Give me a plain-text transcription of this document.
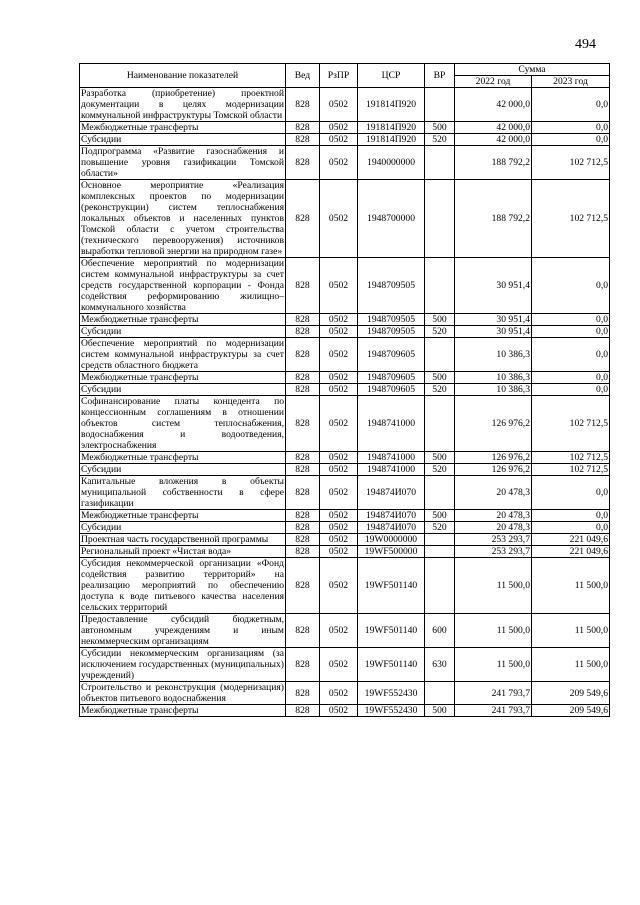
494
Наименование показателей	Вед	РзПР	ЦСР	ВР	Сумма	
					2022 год	2023 год
Разработка (приобретение) проектной документации в целях модернизации коммунальной инфраструктуры Томской области	828	0502	191814П920		42 000,0	0,0
Межбюджетные трансферты	828	0502	191814П920	500	42 000,0	0,0
Субсидии	828	0502	191814П920	520	42 000,0	0,0
Подпрограмма «Развитие газоснабжения и повышение уровня газификации Томской области»	828	0502	1940000000		188 792,2	102 712,5
Основное мероприятие «Реализация комплексных проектов по модернизации (реконструкции) систем теплоснабжения локальных объектов и населенных пунктов Томской области с учетом строительства (технического перевооружения) источников выработки тепловой энергии на природном газе»	828	0502	1948700000		188 792,2	102 712,5
Обеспечение мероприятий по модернизации систем коммунальной инфраструктуры за счет средств государственной корпорации - Фонда содействия реформированию жилищно–коммунального хозяйства	828	0502	1948709505		30 951,4	0,0
Межбюджетные трансферты	828	0502	1948709505	500	30 951,4	0,0
Субсидии	828	0502	1948709505	520	30 951,4	0,0
Обеспечение мероприятий по модернизации систем коммунальной инфраструктуры за счет средств областного бюджета	828	0502	1948709605		10 386,3	0,0
Межбюджетные трансферты	828	0502	1948709605	500	10 386,3	0,0
Субсидии	828	0502	1948709605	520	10 386,3	0,0
Софинансирование платы концедента по концессионным соглашениям в отношении объектов систем теплоснабжения, водоснабжения и водоотведения, электроснабжения	828	0502	1948741000		126 976,2	102 712,5
Межбюджетные трансферты	828	0502	1948741000	500	126 976,2	102 712,5
Субсидии	828	0502	1948741000	520	126 976,2	102 712,5
Капитальные вложения в объекты муниципальной собственности в сфере газификации	828	0502	194874И070		20 478,3	0,0
Межбюджетные трансферты	828	0502	194874И070	500	20 478,3	0,0
Субсидии	828	0502	194874И070	520	20 478,3	0,0
Проектная часть государственной программы	828	0502	19W0000000		253 293,7	221 049,6
Региональный проект «Чистая вода»	828	0502	19WF500000		253 293,7	221 049,6
Субсидия некоммерческой организации «Фонд содействия развитию территорий» на реализацию мероприятий по обеспечению доступа к воде питьевого качества населения сельских территорий	828	0502	19WF501140		11 500,0	11 500,0
Предоставление субсидий бюджетным, автономным учреждениям и иным некоммерческим организациям	828	0502	19WF501140	600	11 500,0	11 500,0
Субсидии некоммерческим организациям (за исключением государственных (муниципальных) учреждений)	828	0502	19WF501140	630	11 500,0	11 500,0
Строительство и реконструкция (модернизация) объектов питьевого водоснабжения	828	0502	19WF552430		241 793,7	209 549,6
Межбюджетные трансферты	828	0502	19WF552430	500	241 793,7	209 549,6
